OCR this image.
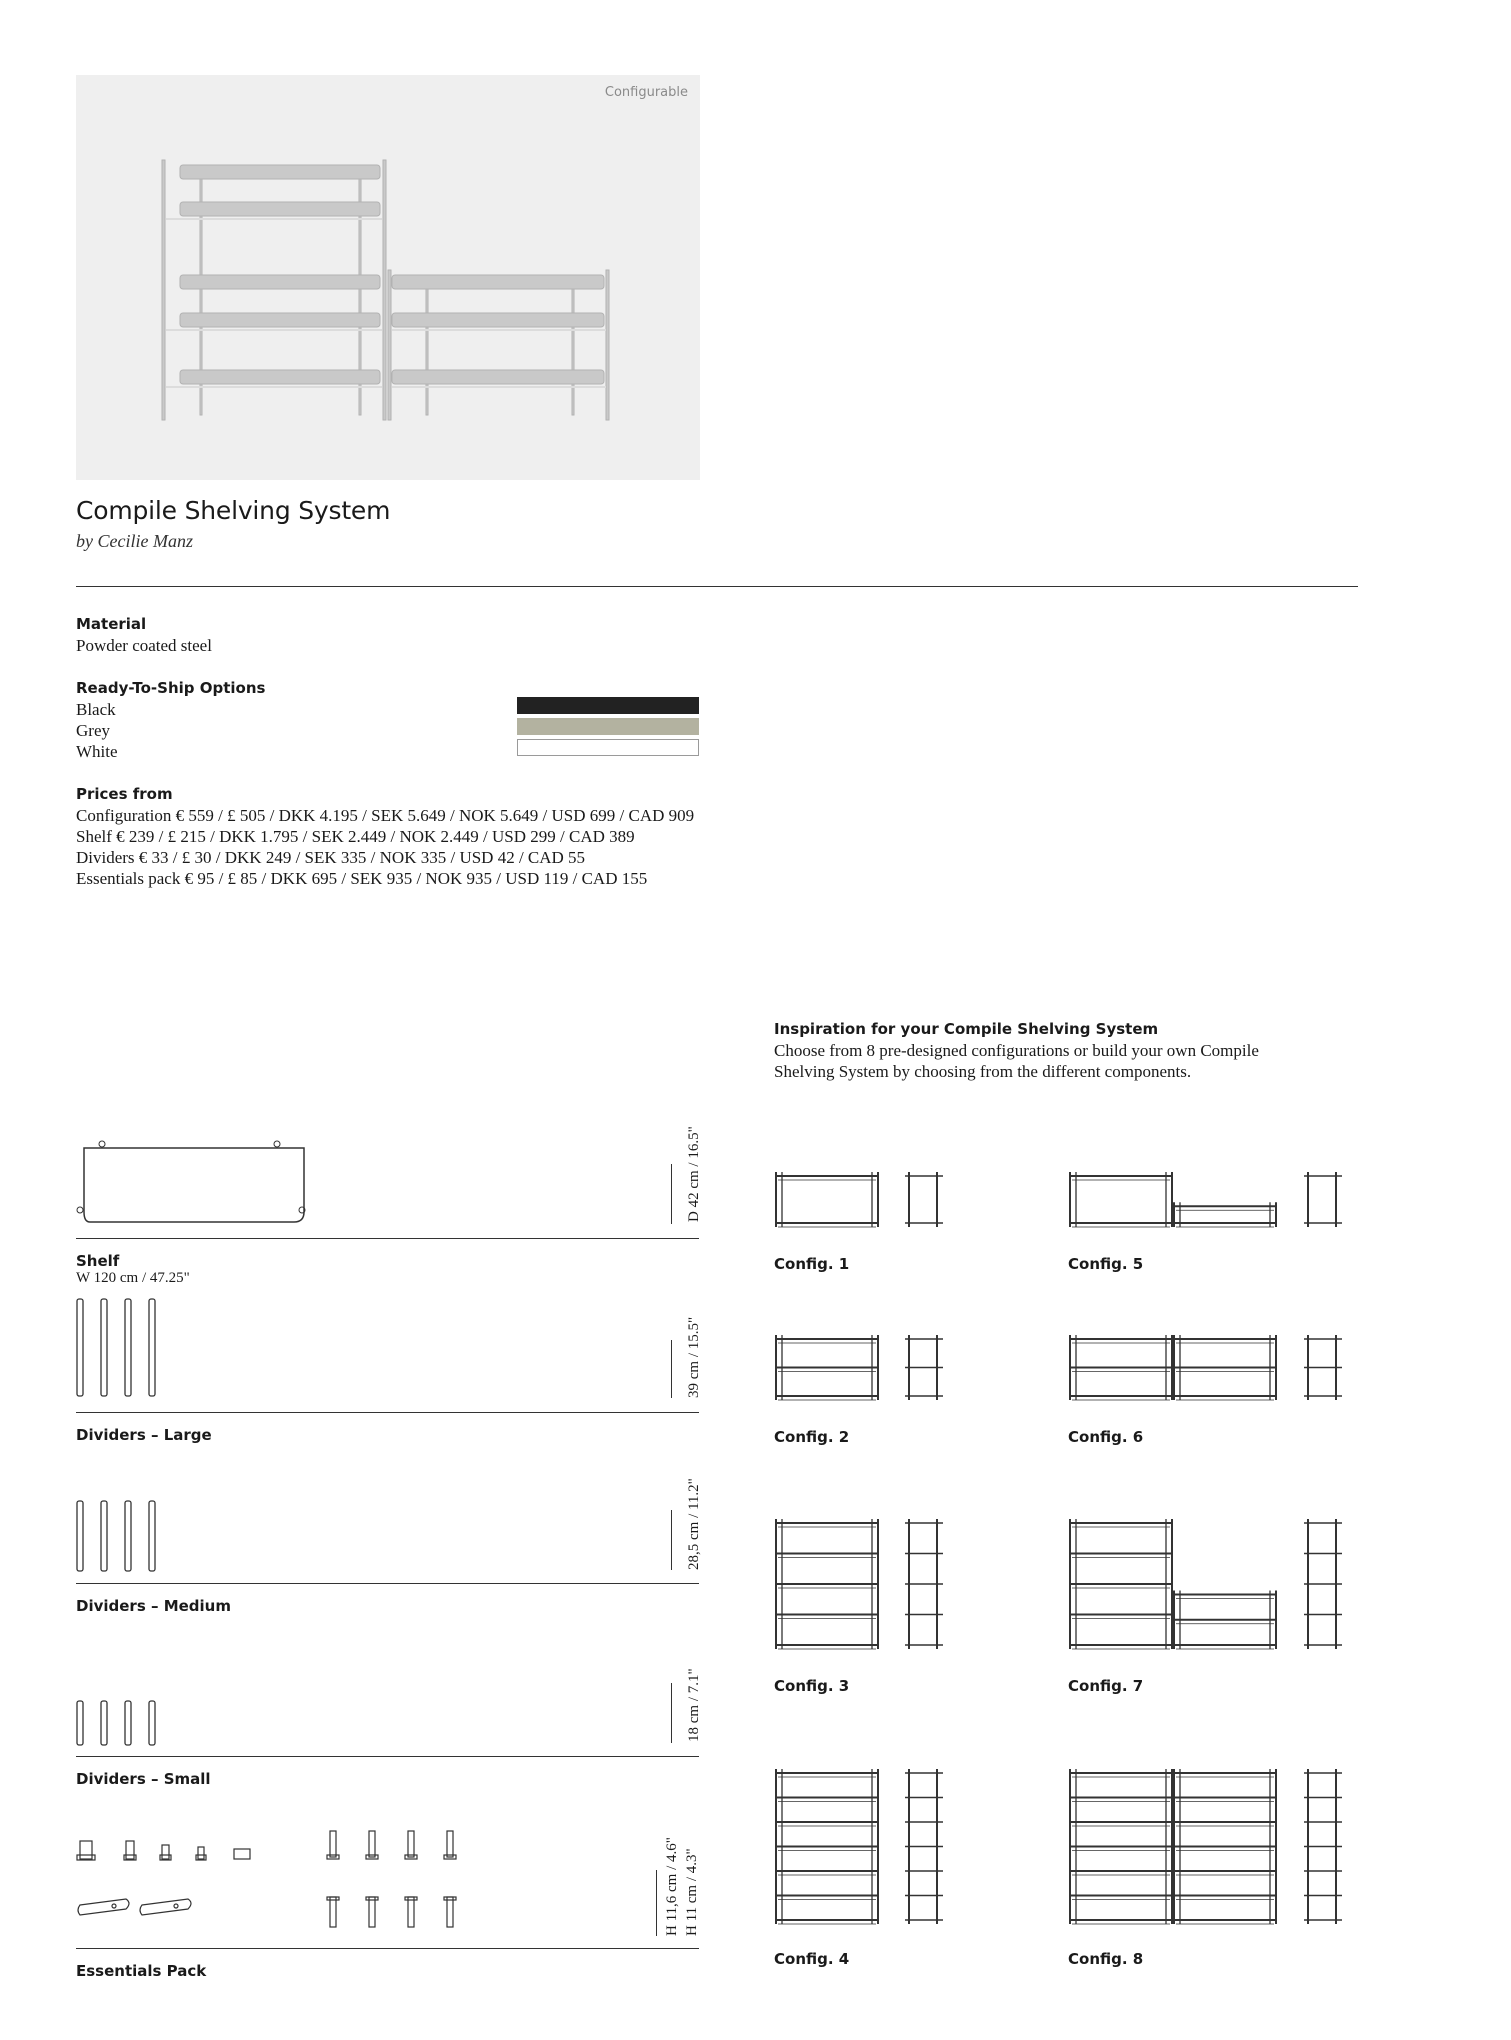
Configurable
Compile Shelving System
by Cecilie Manz
Material
Powder coated steel
Ready-To-Ship Options
Black
Grey
White
Prices from
Configuration € 559 / £ 505 / DKK 4.195 / SEK 5.649 / NOK 5.649 / USD 699 / CAD 909
Shelf € 239 / £ 215 / DKK 1.795 / SEK 2.449 / NOK 2.449 / USD 299 / CAD 389
Dividers € 33 / £ 30 / DKK 249 / SEK 335 / NOK 335 / USD 42 / CAD 55
Essentials pack € 95 / £ 85 / DKK 695 / SEK 935 / NOK 935 / USD 119 / CAD 155
D 42 cm / 16.5"
Shelf
W 120 cm / 47.25"
39 cm / 15.5"
Dividers – Large
28,5 cm / 11.2"
Dividers – Medium
18 cm / 7.1"
Dividers – Small
H 11,6 cm / 4.6" H 11 cm / 4.3"
Essentials Pack
Inspiration for your Compile Shelving System
Choose from 8 pre-designed configurations or build your own Compile
Shelving System by choosing from the different components.
Config. 1
Config. 2
Config. 3
Config. 4
Config. 5
Config. 6
Config. 7
Config. 8
